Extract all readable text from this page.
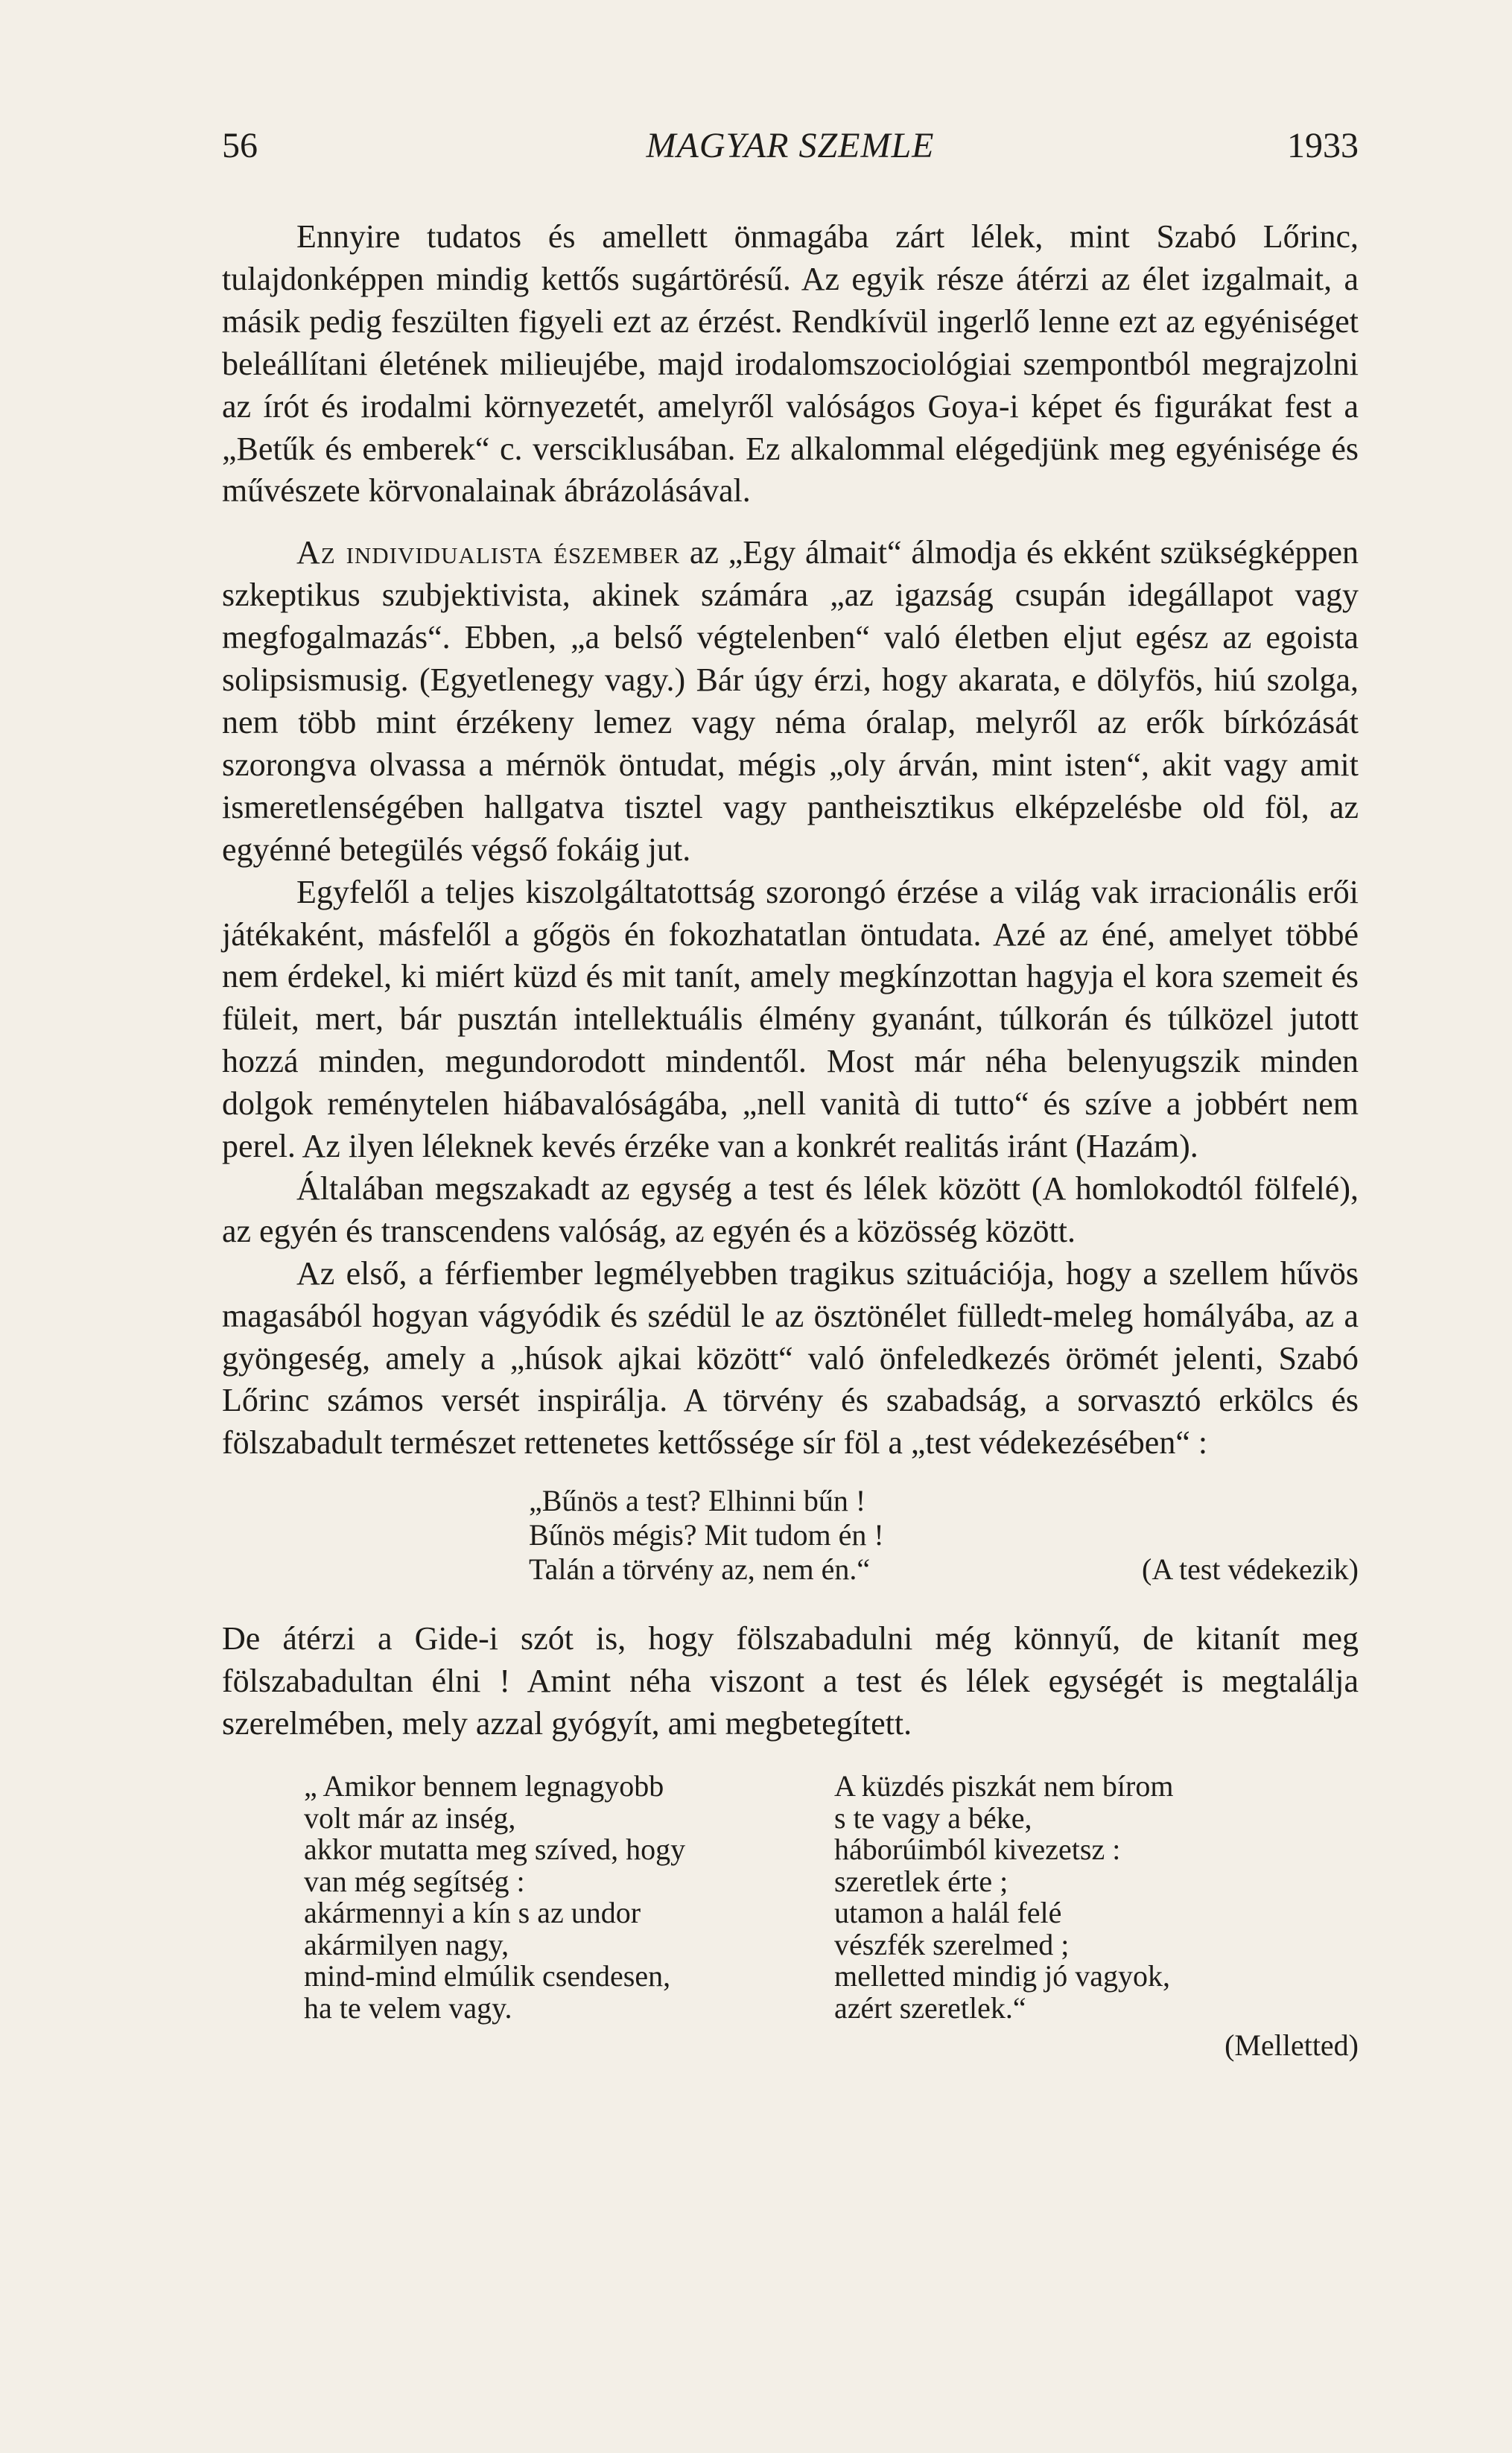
56	MAGYAR SZEMLE	1933

Ennyire tudatos és amellett önmagába zárt lélek, mint Szabó Lőrinc, tulajdonképpen mindig kettős sugártörésű. Az egyik része átérzi az élet izgalmait, a másik pedig feszülten figyeli ezt az érzést. Rendkívül ingerlő lenne ezt az egyéniséget beleállítani életének milieujébe, majd irodalomszociológiai szempontból megrajzolni az írót és irodalmi környezetét, amelyről valóságos Goya-i képet és figurákat fest a „Betűk és emberek“ c. versciklusában. Ez alkalommal elégedjünk meg egyénisége és művészete körvonalainak ábrázolásával.

Az individualista észember az „Egy álmait“ álmodja és ekként szükségképpen szkeptikus szubjektivista, akinek számára „az igazság csupán idegállapot vagy megfogalmazás“. Ebben, „a belső végtelenben“ való életben eljut egész az egoista solipsismusig. (Egyetlenegy vagy.) Bár úgy érzi, hogy akarata, e dölyfös, hiú szolga, nem több mint érzékeny lemez vagy néma óralap, melyről az erők bírkózását szorongva olvassa a mérnök öntudat, mégis „oly árván, mint isten“, akit vagy amit ismeretlenségében hallgatva tisztel vagy pantheisztikus elképzelésbe old föl, az egyénné betegülés végső fokáig jut.

Egyfelől a teljes kiszolgáltatottság szorongó érzése a világ vak irracionális erői játékaként, másfelől a gőgös én fokozhatatlan öntudata. Azé az éné, amelyet többé nem érdekel, ki miért küzd és mit tanít, amely megkínzottan hagyja el kora szemeit és füleit, mert, bár pusztán intellektuális élmény gyanánt, túlkorán és túlközel jutott hozzá minden, megundorodott mindentől. Most már néha belenyugszik minden dolgok reménytelen hiábavalóságába, „nell vanità di tutto“ és szíve a jobbért nem perel. Az ilyen léleknek kevés érzéke van a konkrét realitás iránt (Hazám).

Általában megszakadt az egység a test és lélek között (A homlokodtól fölfelé), az egyén és transcendens valóság, az egyén és a közösség között.

Az első, a férfiember legmélyebben tragikus szituációja, hogy a szellem hűvös magasából hogyan vágyódik és szédül le az ösztönélet fülledt-meleg homályába, az a gyöngeség, amely a „húsok ajkai között“ való önfeledkezés örömét jelenti, Szabó Lőrinc számos versét inspirálja. A törvény és szabadság, a sorvasztó erkölcs és fölszabadult természet rettenetes kettőssége sír föl a „test védekezésében“ :

„Bűnös a test? Elhinni bűn !
Bűnös mégis? Mit tudom én !
Talán a törvény az, nem én.“	(A test védekezik)

De átérzi a Gide-i szót is, hogy fölszabadulni még könnyű, de kitanít meg fölszabadultan élni ! Amint néha viszont a test és lélek egységét is megtalálja szerelmében, mely azzal gyógyít, ami megbetegített.

„ Amikor bennem legnagyobb
volt már az inség,
akkor mutatta meg szíved, hogy
van még segítség :
akármennyi a kín s az undor
akármilyen nagy,
mind-mind elmúlik csendesen,
ha te velem vagy.
A küzdés piszkát nem bírom
s te vagy a béke,
háborúimból kivezetsz :
szeretlek érte ;
utamon a halál felé
vészfék szerelmed ;
melletted mindig jó vagyok,
azért szeretlek.“
(Melletted)
